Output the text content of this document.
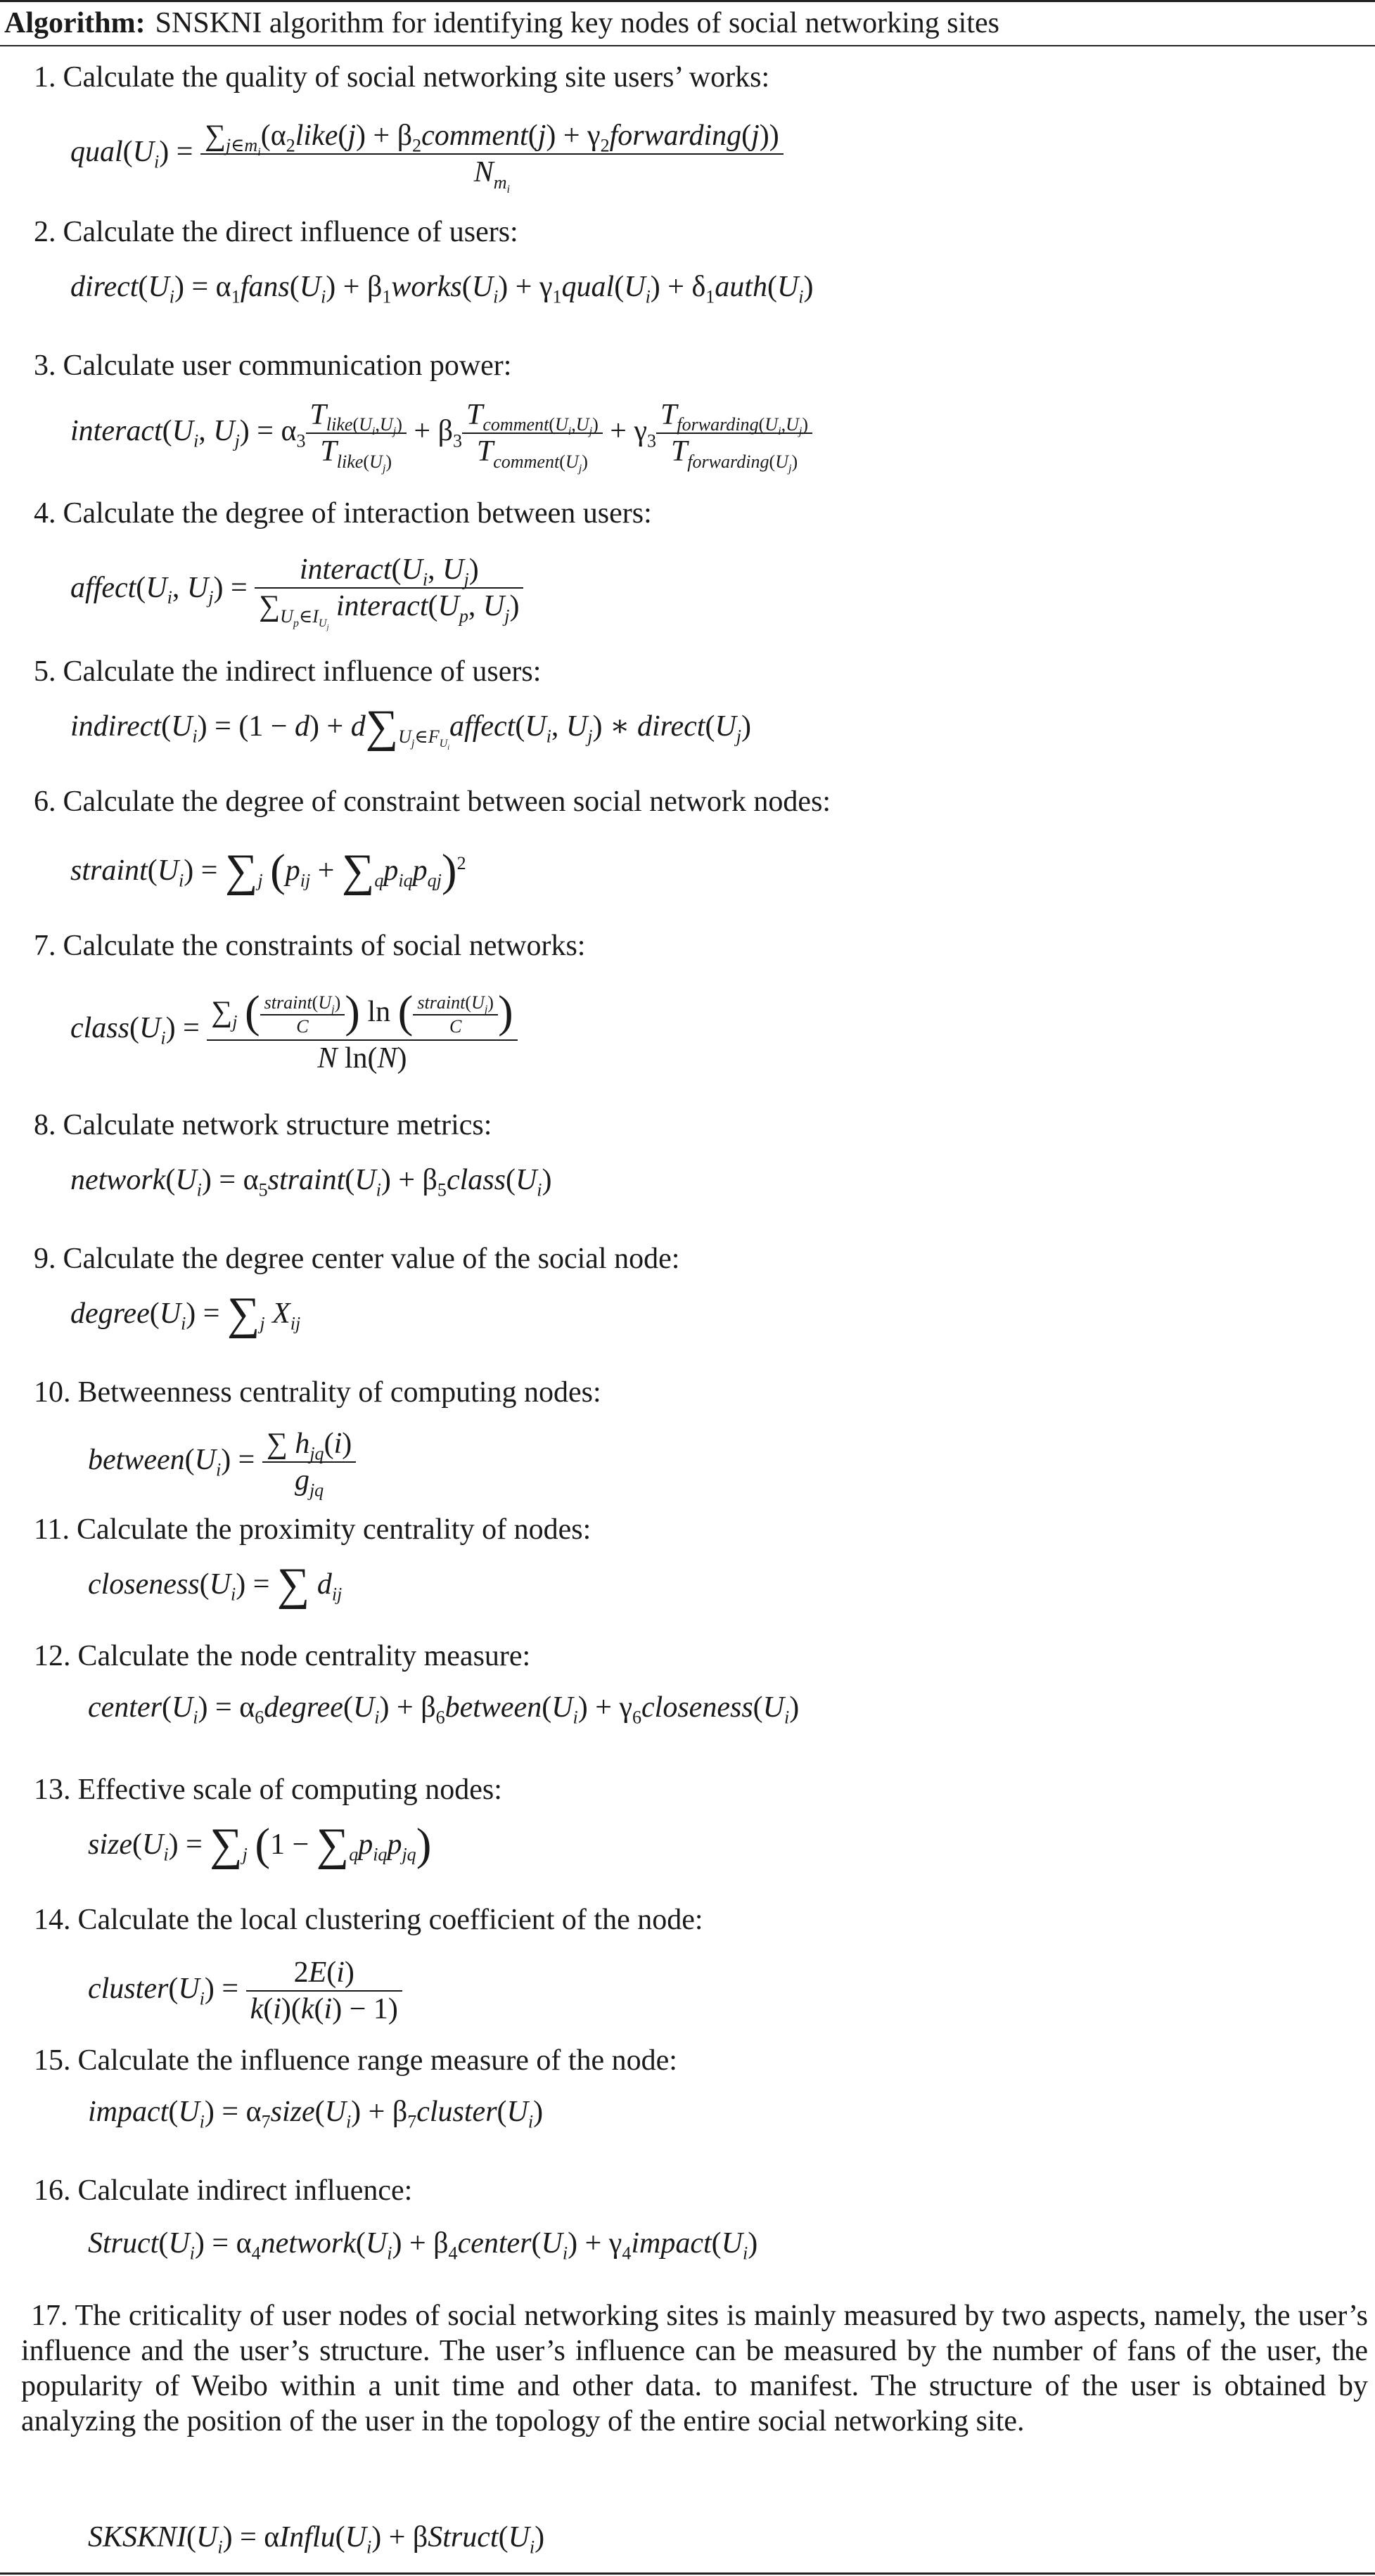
Algorithm: SNSKNI algorithm for identifying key nodes of social networking sites
1. Calculate the quality of social networking site users’ works:
$qual(U_i) = \frac{\sum_{j\in m_i}(\alpha_2like(j) + \beta_2comment(j) + \gamma_2forwarding(j))}{N_{m_i}}$
2. Calculate the direct influence of users:
$direct(U_i)$ = $\alpha_1fans(U_i)$ + $\beta_1works(U_i)$ + $\gamma_1qual(U_i)$ + $\delta_1auth(U_i)$
3. Calculate user communication power:
$interact(U_i$, $U_j) = \alpha_3 \frac{T_{like(U_i,U_j)}}{T_{like(U_j)}} + \beta_3 \frac{T_{comment(U_i,U_j)}}{T_{comment(U_j)}} + \gamma_3 \frac{T_{forwarding(U_i,U_j)}}{T_{forwarding(U_j)}}$
4. Calculate the degree of interaction between users:
$affect(U_i$, $U_j) = \frac{interact(U_i, U_j)}{\sum_{U_p\in I_{U_j}} interact(U_p, U_j)}$
5. Calculate the indirect influence of users:
$indirect(U_i) = (1 - d)$ + $d\sum_{U_j\in F_{U_i}}affect(U_i$, $U_j$) ∗ $direct(U_j)$
6. Calculate the degree of constraint between social network nodes:
$straint(U_i) = \sum_j$ $(p_{ij} + \sum_qp_{iq}p_{qj})^2$
7. Calculate the constraints of social networks:
$class(U_i) = \frac{\sum_j ( \frac{straint(U_j)}{C} ) \ln ( \frac{straint(U_j)}{C} )}{\text{N ln(N)}}$
8. Calculate network structure metrics:
$network(U_i)$ = $\alpha_5straint(U_i)$ + $\beta_5class(U_i)$
9. Calculate the degree center value of the social node:
$degree(U_i) = \sum_j$ $X_{ij}$
10. Betweenness centrality of computing nodes:
$between(U_i) = \frac{\sum h_{jq}(i)}{g_{jq}}$
11. Calculate the proximity centrality of nodes:
$closeness(U_i)$ = ∑ $d_{ij}$
12. Calculate the node centrality measure:
$center(U_i)$ = $\alpha_6degree(U_i)$ + $\beta_6between(U_i)$ + $\gamma_6closeness(U_i)$
13. Effective scale of computing nodes:
$size(U_i) = \sum_j$ $(1 - \sum_qp_{iq}p_{jq})$
14. Calculate the local clustering coefficient of the node:
$cluster(U_i) = \frac{2E(i)}{k(i)(k(i) - 1)}$
15. Calculate the influence range measure of the node:
$impact(U_i)$ = $\alpha_7size(U_i)$ + $\beta_7cluster(U_i)$
16. Calculate indirect influence:
$Struct(U_i)$ = $\alpha_4network(U_i)$ + $\beta_4center(U_i)$ + $\gamma_4impact(U_i)$
17. The criticality of user nodes of social networking sites is mainly measured by two aspects, namely, the user’s influence and the user’s structure. The user’s influence can be measured by the number of fans of the user, the popularity of Weibo within a unit time and other data. to manifest. The structure of the user is obtained by analyzing the position of the user in the topology of the entire social networking site.
$SKSKNI(U_i)$ = $\alpha Influ(U_i)$ + $\beta Struct(U_i)$
